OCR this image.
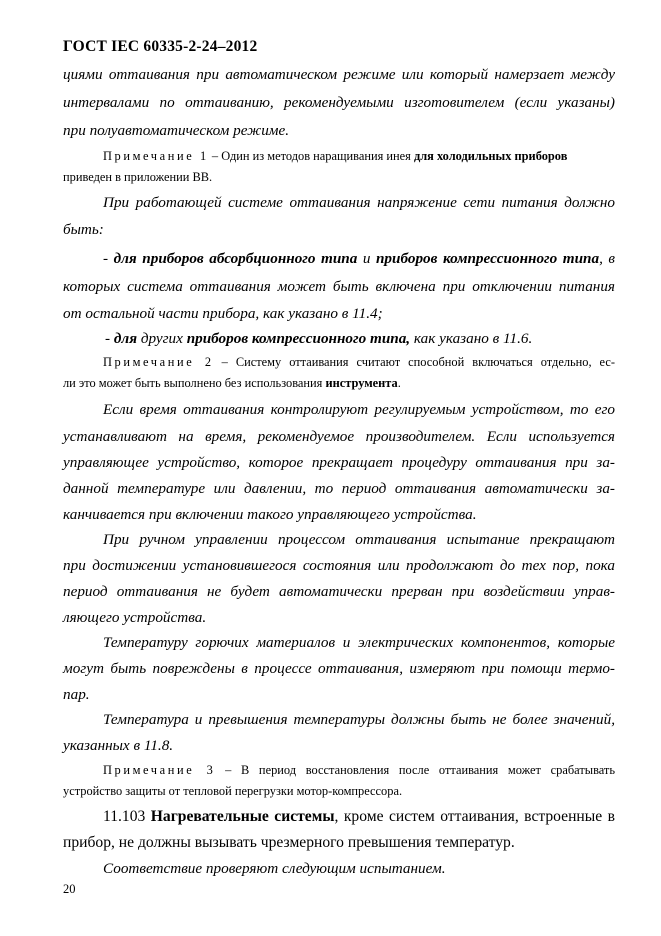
ГОСТ IEC 60335-2-24–2012
циями оттаивания при автоматическом режиме или который намерзает между
интервалами по оттаиванию, рекомендуемыми изготовителем (если указаны)
при полуавтоматическом режиме.
Примечание 1 – Один из методов наращивания инея для холодильных приборов
приведен в приложении ВВ.
При работающей системе оттаивания напряжение сети питания должно
быть:
- для приборов абсорбционного типа и приборов компрессионного типа, в
которых система оттаивания может быть включена при отключении питания
от остальной части прибора, как указано в 11.4;
- для других приборов компрессионного типа, как указано в 11.6.
Примечание 2 – Систему оттаивания считают способной включаться отдельно, ес-
ли это может быть выполнено без использования инструмента.
Если время оттаивания контролируют регулируемым устройством, то его
устанавливают на время, рекомендуемое производителем. Если используется
управляющее устройство, которое прекращает процедуру оттаивания при за-
данной температуре или давлении, то период оттаивания автоматически за-
канчивается при включении такого управляющего устройства.
При ручном управлении процессом оттаивания испытание прекращают
при достижении установившегося состояния или продолжают до тех пор, пока
период оттаивания не будет автоматически прерван при воздействии управ-
ляющего устройства.
Температуру горючих материалов и электрических компонентов, которые
могут быть повреждены в процессе оттаивания, измеряют при помощи термо-
пар.
Температура и превышения температуры должны быть не более значений,
указанных в 11.8.
Примечание 3 – В период восстановления после оттаивания может срабатывать
устройство защиты от тепловой перегрузки мотор-компрессора.
11.103 Нагревательные системы, кроме систем оттаивания, встроенные в
прибор, не должны вызывать чрезмерного превышения температур.
Соответствие проверяют следующим испытанием.
20
